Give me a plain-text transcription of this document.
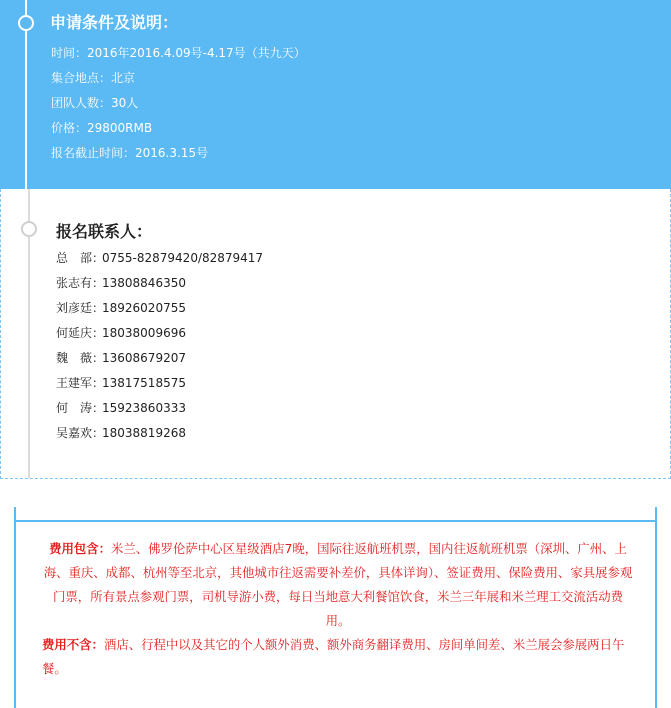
申请条件及说明：
时间：2016年2016.4.09号-4.17号（共九天）
集合地点：北京
团队人数：30人
价格：29800RMB
报名截止时间：2016.3.15号
报名联系人：
总　部：0755-82879420/82879417
张志有：13808846350
刘彦廷：18926020755
何延庆：18038009696
魏　薇：13608679207
王建军：13817518575
何　涛：15923860333
吴嘉欢：18038819268

费用包含：米兰、佛罗伦萨中心区星级酒店7晚，国际往返航班机票，国内往返航班机票（深圳、广州、上海、重庆、成都、杭州等至北京，其他城市往返需要补差价，具体详询）、签证费用、保险费用、家具展参观门票，所有景点参观门票，司机导游小费，每日当地意大利餐馆饮食，米兰三年展和米兰理工交流活动费用。

费用不含：酒店、行程中以及其它的个人额外消费、额外商务翻译费用、房间单间差、米兰展会参展两日午餐。
